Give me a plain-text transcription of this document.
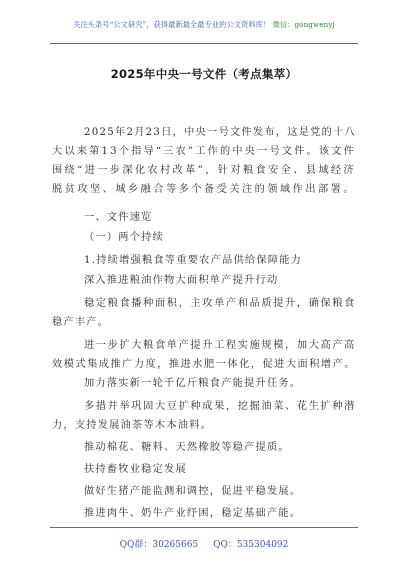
关注头条号“公文研究”，获得最新最全最专业的公文资料库！ 微信：gongwenyj
2025年中央一号文件（考点集萃）
2025年2月23日，中央一号文件发布，这是党的十八
大以来第13个指导“三农”工作的中央一号文件。该文件
围绕“进一步深化农村改革”，针对粮食安全、县域经济
脱贫攻坚、城乡融合等多个备受关注的领域作出部署。
一、文件速览
（一）两个持续
1.持续增强粮食等重要农产品供给保障能力
深入推进粮油作物大面积单产提升行动
稳定粮食播种面积，主攻单产和品质提升，确保粮食
稳产丰产。
进一步扩大粮食单产提升工程实施规模，加大高产高
效模式集成推广力度，推进水肥一体化，促进大面积增产。
加力落实新一轮千亿斤粮食产能提升任务。
多措并举巩固大豆扩种成果，挖掘油菜、花生扩种潜
力，支持发展油茶等木本油料。
推动棉花、糖料、天然橡胶等稳产提质。
扶持畜牧业稳定发展
做好生猪产能监测和调控，促进平稳发展。
推进肉牛、奶牛产业纾困，稳定基础产能。
QQ群：30265665 QQ：535304092
